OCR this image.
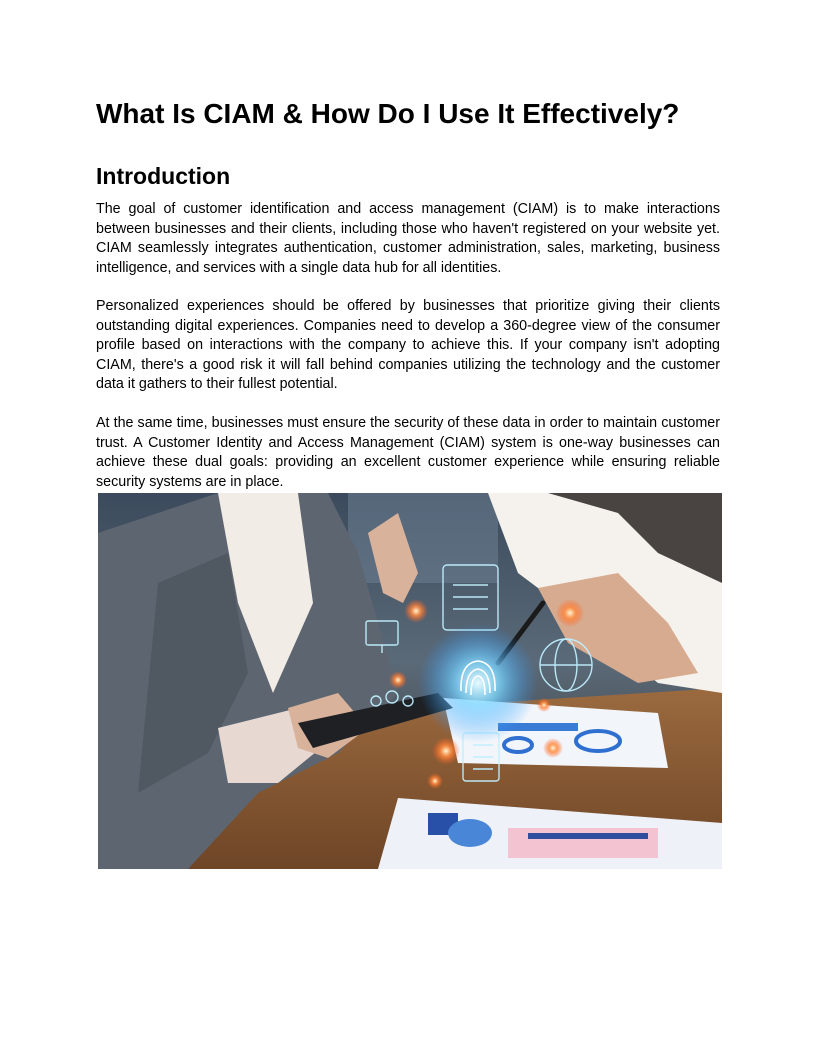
What Is CIAM & How Do I Use It Effectively?
Introduction

The goal of customer identification and access management (CIAM) is to make interactions between businesses and their clients, including those who haven't registered on your website yet. CIAM seamlessly integrates authentication, customer administration, sales, marketing, business intelligence, and services with a single data hub for all identities.

Personalized experiences should be offered by businesses that prioritize giving their clients outstanding digital experiences. Companies need to develop a 360-degree view of the consumer profile based on interactions with the company to achieve this. If your company isn't adopting CIAM, there's a good risk it will fall behind companies utilizing the technology and the customer data it gathers to their fullest potential.

At the same time, businesses must ensure the security of these data in order to maintain customer trust. A Customer Identity and Access Management (CIAM) system is one-way businesses can achieve these dual goals: providing an excellent customer experience while ensuring reliable security systems are in place.
